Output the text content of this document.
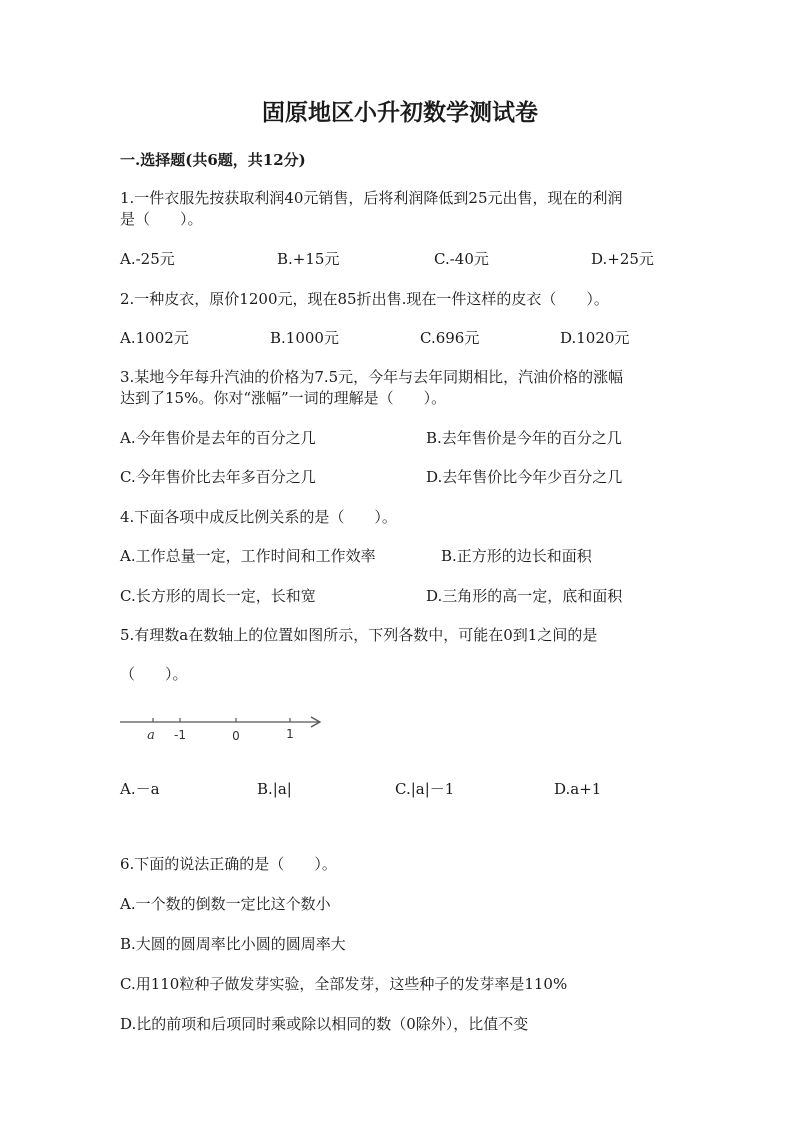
固原地区小升初数学测试卷
一.选择题(共6题，共12分)
1.一件衣服先按获取利润40元销售，后将利润降低到25元出售，现在的利润
是（　　）。
A.-25元	B.+15元	C.-40元	D.+25元
2.一种皮衣，原价1200元，现在85折出售.现在一件这样的皮衣（　　）。
A.1002元	B.1000元	C.696元	D.1020元
3.某地今年每升汽油的价格为7.5元，今年与去年同期相比，汽油价格的涨幅
达到了15%。你对“涨幅”一词的理解是（　　）。
A.今年售价是去年的百分之几	B.去年售价是今年的百分之几
C.今年售价比去年多百分之几	D.去年售价比今年少百分之几
4.下面各项中成反比例关系的是（　　）。
A.工作总量一定，工作时间和工作效率	B.正方形的边长和面积
C.长方形的周长一定，长和宽	D.三角形的高一定，底和面积
5.有理数a在数轴上的位置如图所示，下列各数中，可能在0到1之间的是
（　　）。
a -1	0	1
A.－a	B.|a|	C.|a|－1	D.a+1
6.下面的说法正确的是（　　）。
A.一个数的倒数一定比这个数小
B.大圆的圆周率比小圆的圆周率大
C.用110粒种子做发芽实验，全部发芽，这些种子的发芽率是110%
D.比的前项和后项同时乘或除以相同的数（0除外），比值不变
